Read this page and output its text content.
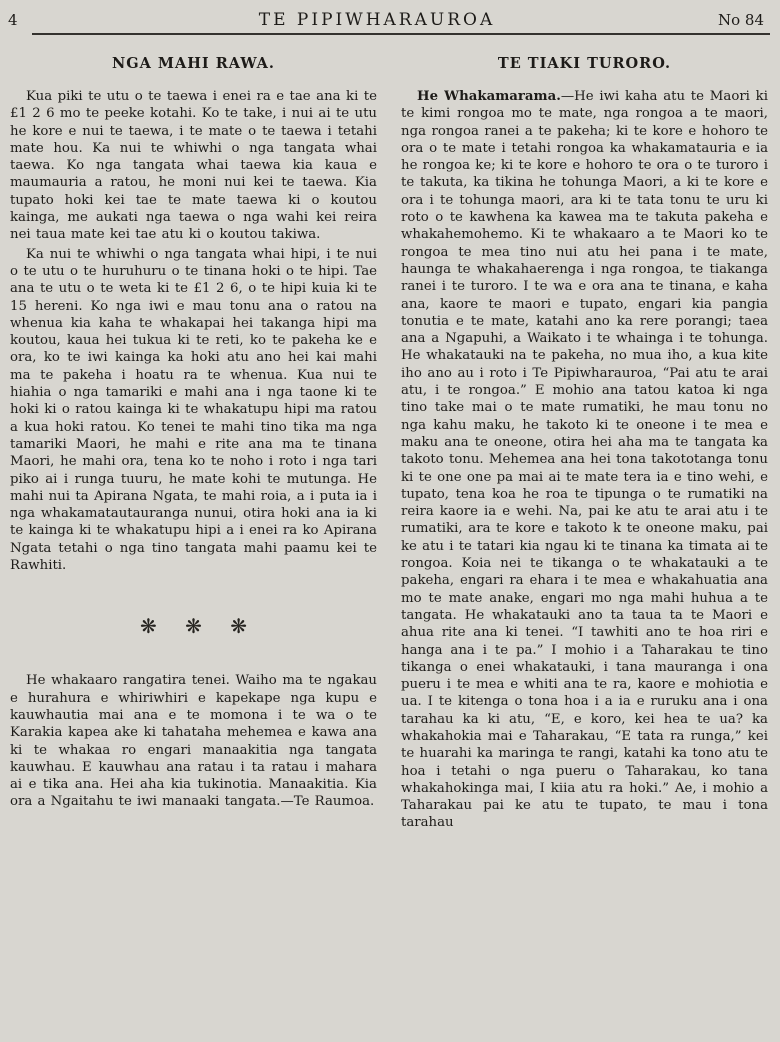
4	TE PIPIWHARAUROA	No 84
NGA MAHI RAWA.

Kua piki te utu o te taewa i enei ra e tae ana ki te £1 2 6 mo te peeke kotahi. Ko te take, i nui ai te utu he kore e nui te taewa, i te mate o te taewa i tetahi mate hou. Ka nui te whiwhi o nga tangata whai taewa. Ko nga tangata whai taewa kia kaua e maumauria a ratou, he moni nui kei te taewa. Kia tupato hoki kei tae te mate taewa ki o koutou kainga, me aukati nga taewa o nga wahi kei reira nei taua mate kei tae atu ki o koutou takiwa.

Ka nui te whiwhi o nga tangata whai hipi, i te nui o te utu o te huruhuru o te tinana hoki o te hipi. Tae ana te utu o te weta ki te £1 2 6, o te hipi kuia ki te 15 hereni. Ko nga iwi e mau tonu ana o ratou na whenua kia kaha te whakapai hei takanga hipi ma koutou, kaua hei tukua ki te reti, ko te pakeha ke e ora, ko te iwi kainga ka hoki atu ano hei kai mahi ma te pakeha i hoatu ra te whenua. Kua nui te hiahia o nga tamariki e mahi ana i nga taone ki te hoki ki o ratou kainga ki te whakatupu hipi ma ratou a kua hoki ratou. Ko tenei te mahi tino tika ma nga tamariki Maori, he mahi e rite ana ma te tinana Maori, he mahi ora, tena ko te noho i roto i nga tari piko ai i runga tuuru, he mate kohi te mutunga. He mahi nui ta Apirana Ngata, te mahi roia, a i puta ia i nga whakamatautauranga nunui, otira hoki ana ia ki te kainga ki te whakatupu hipi a i enei ra ko Apirana Ngata tetahi o nga tino tangata mahi paamu kei te Rawhiti.

❋ ❋ ❋

He whakaaro rangatira tenei. Waiho ma te ngakau e hurahura e whiriwhiri e kapekape nga kupu e kauwhautia mai ana e te momona i te wa o te Karakia kapea ake ki tahataha mehemea e kawa ana ki te whakaa ro engari manaakitia nga tangata kauwhau. E kauwhau ana ratau i ta ratau i mahara ai e tika ana. Hei aha kia tukinotia. Manaakitia. Kia ora a Ngaitahu te iwi manaaki tangata.—Te Raumoa.

TE TIAKI TURORO.

He Whakamarama.—He iwi kaha atu te Maori ki te kimi rongoa mo te mate, nga rongoa a te maori, nga rongoa ranei a te pakeha; ki te kore e hohoro te ora o te mate i tetahi rongoa ka whakamatauria e ia he rongoa ke; ki te kore e hohoro te ora o te turoro i te takuta, ka tikina he tohunga Maori, a ki te kore e ora i te tohunga maori, ara ki te tata tonu te uru ki roto o te kawhena ka kawea ma te takuta pakeha e whakahemohemo. Ki te whakaaro a te Maori ko te rongoa te mea tino nui atu hei pana i te mate, haunga te whakahaerenga i nga rongoa, te tiakanga ranei i te turoro. I te wa e ora ana te tinana, e kaha ana, kaore te maori e tupato, engari kia pangia tonutia e te mate, katahi ano ka rere porangi; taea ana a Ngapuhi, a Waikato i te whainga i te tohunga. He whakatauki na te pakeha, no mua iho, a kua kite iho ano au i roto i Te Pipiwharauroa, “Pai atu te arai atu, i te rongoa.” E mohio ana tatou katoa ki nga tino take mai o te mate rumatiki, he mau tonu no nga kahu maku, he takoto ki te oneone i te mea e maku ana te oneone, otira hei aha ma te tangata ka takoto tonu. Mehemea ana hei tona takototanga tonu ki te one one pa mai ai te mate tera ia e tino wehi, e tupato, tena koa he roa te tipunga o te rumatiki na reira kaore ia e wehi. Na, pai ke atu te arai atu i te rumatiki, ara te kore e takoto k te oneone maku, pai ke atu i te tatari kia ngau ki te tinana ka timata ai te rongoa. Koia nei te tikanga o te whakatauki a te pakeha, engari ra ehara i te mea e whakahuatia ana mo te mate anake, engari mo nga mahi huhua a te tangata. He whakatauki ano ta taua ta te Maori e ahua rite ana ki tenei. “I tawhiti ano te hoa riri e hanga ana i te pa.” I mohio i a Taharakau te tino tikanga o enei whakatauki, i tana mauranga i ona pueru i te mea e whiti ana te ra, kaore e mohiotia e ua. I te kitenga o tona hoa i a ia e ruruku ana i ona tarahau ka ki atu, “E, e koro, kei hea te ua? ka whakahokia mai e Taharakau, “E tata ra runga,” kei te huarahi ka maringa te rangi, katahi ka tono atu te hoa i tetahi o nga pueru o Taharakau, ko tana whakahokinga mai, I kiia atu ra hoki.” Ae, i mohio a Taharakau pai ke atu te tupato, te mau i tona tarahau
